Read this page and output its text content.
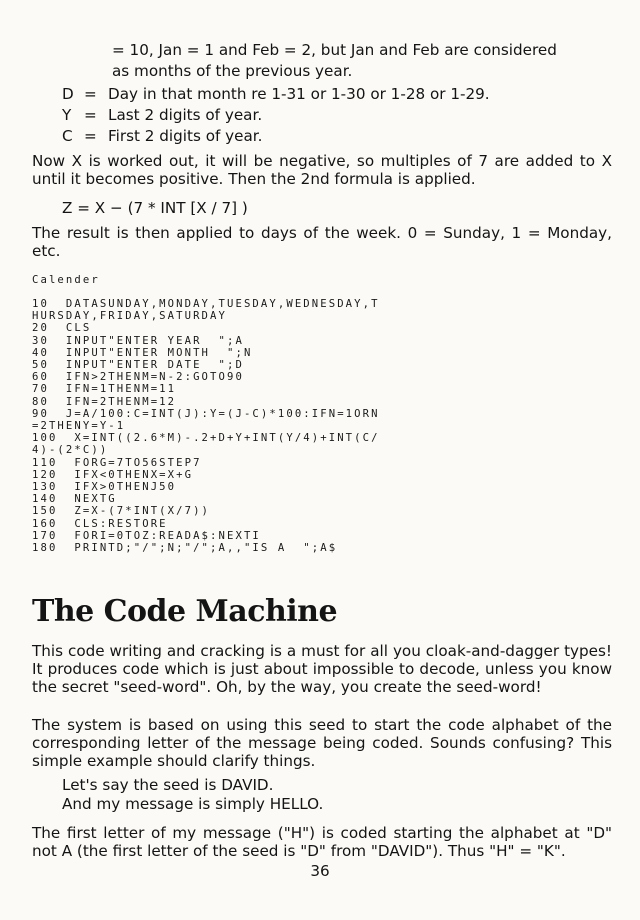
= 10, Jan = 1 and Feb = 2, but Jan and Feb are considered
as months of the previous year.
D = Day in that month re 1-31 or 1-30 or 1-28 or 1-29.
Y = Last 2 digits of year.
C = First 2 digits of year.
Now X is worked out, it will be negative, so multiples of 7 are added to X until it becomes positive. Then the 2nd formula is applied.
Z = X − (7 * INT [X / 7] )
The result is then applied to days of the week. 0 = Sunday, 1 = Monday, etc.
Calender
10  DATASUNDAY,MONDAY,TUESDAY,WEDNESDAY,T
HURSDAY,FRIDAY,SATURDAY
20  CLS
30  INPUT"ENTER YEAR  ";A
40  INPUT"ENTER MONTH  ";N
50  INPUT"ENTER DATE  ";D
60  IFN>2THENM=N-2:GOTO90
70  IFN=1THENM=11
80  IFN=2THENM=12
90  J=A/100:C=INT(J):Y=(J-C)*100:IFN=1ORN
=2THENY=Y-1
100  X=INT((2.6*M)-.2+D+Y+INT(Y/4)+INT(C/
4)-(2*C))
110  FORG=7TO56STEP7
120  IFX<0THENX=X+G
130  IFX>0THENJ50
140  NEXTG
150  Z=X-(7*INT(X/7))
160  CLS:RESTORE
170  FORI=0TOZ:READA$:NEXTI
180  PRINTD;"/";N;"/";A,,"IS A  ";A$
The Code Machine
This code writing and cracking is a must for all you cloak-and-dagger types! It produces code which is just about impossible to decode, unless you know the secret "seed-word". Oh, by the way, you create the seed-word!
The system is based on using this seed to start the code alphabet of the corresponding letter of the message being coded. Sounds confusing? This simple example should clarify things.
Let's say the seed is DAVID.
And my message is simply HELLO.
The first letter of my message ("H") is coded starting the alphabet at "D" not A (the first letter of the seed is "D" from "DAVID"). Thus "H" = "K".
36
